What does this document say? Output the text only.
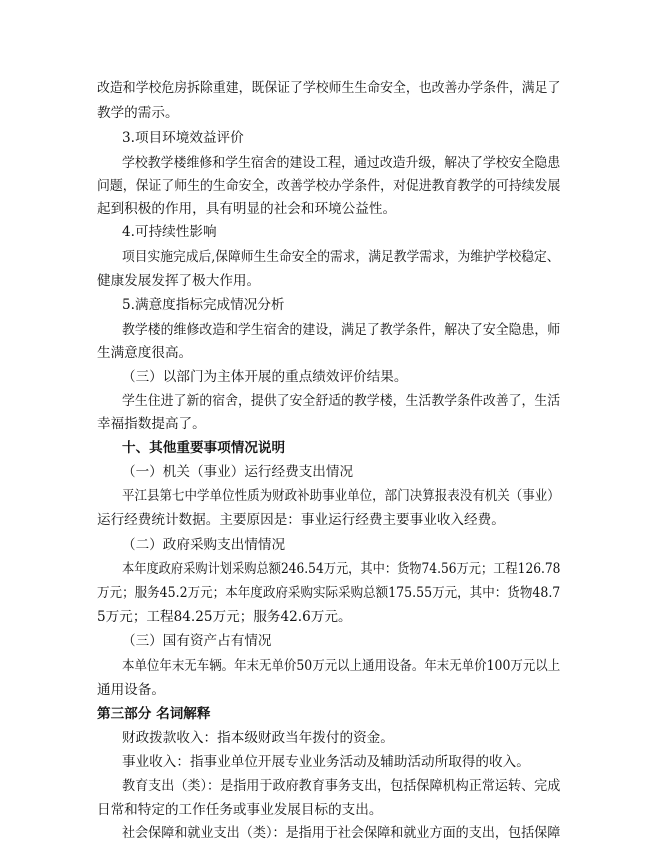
改造和学校危房拆除重建，既保证了学校师生生命安全，也改善办学条件，满足了
教学的需示。
3.项目环境效益评价
学校教学楼维修和学生宿舍的建设工程，通过改造升级，解决了学校安全隐患
问题，保证了师生的生命安全，改善学校办学条件，对促进教育教学的可持续发展
起到积极的作用，具有明显的社会和环境公益性。
4.可持续性影响
项目实施完成后,保障师生生命安全的需求，满足教学需求，为维护学校稳定、
健康发展发挥了极大作用。
5.满意度指标完成情况分析
教学楼的维修改造和学生宿舍的建设，满足了教学条件，解决了安全隐患，师
生满意度很高。
（三）以部门为主体开展的重点绩效评价结果。
学生住进了新的宿舍，提供了安全舒适的教学楼，生活教学条件改善了，生活
幸福指数提高了。
十、其他重要事项情况说明
（一）机关（事业）运行经费支出情况
平江县第七中学单位性质为财政补助事业单位，部门决算报表没有机关（事业）
运行经费统计数据。主要原因是：事业运行经费主要事业收入经费。
（二）政府采购支出情情况
本年度政府采购计划采购总额246.54万元，其中：货物74.56万元；工程126.78
万元；服务45.2万元；本年度政府采购实际采购总额175.55万元，其中：货物48.7
5万元；工程84.25万元；服务42.6万元。
（三）国有资产占有情况
本单位年末无车辆。年末无单价50万元以上通用设备。年末无单价100万元以上
通用设备。
第三部分 名词解释
财政拨款收入：指本级财政当年拨付的资金。
事业收入：指事业单位开展专业业务活动及辅助活动所取得的收入。
教育支出（类）：是指用于政府教育事务支出，包括保障机构正常运转、完成
日常和特定的工作任务或事业发展目标的支出。
社会保障和就业支出（类）：是指用于社会保障和就业方面的支出，包括保障
